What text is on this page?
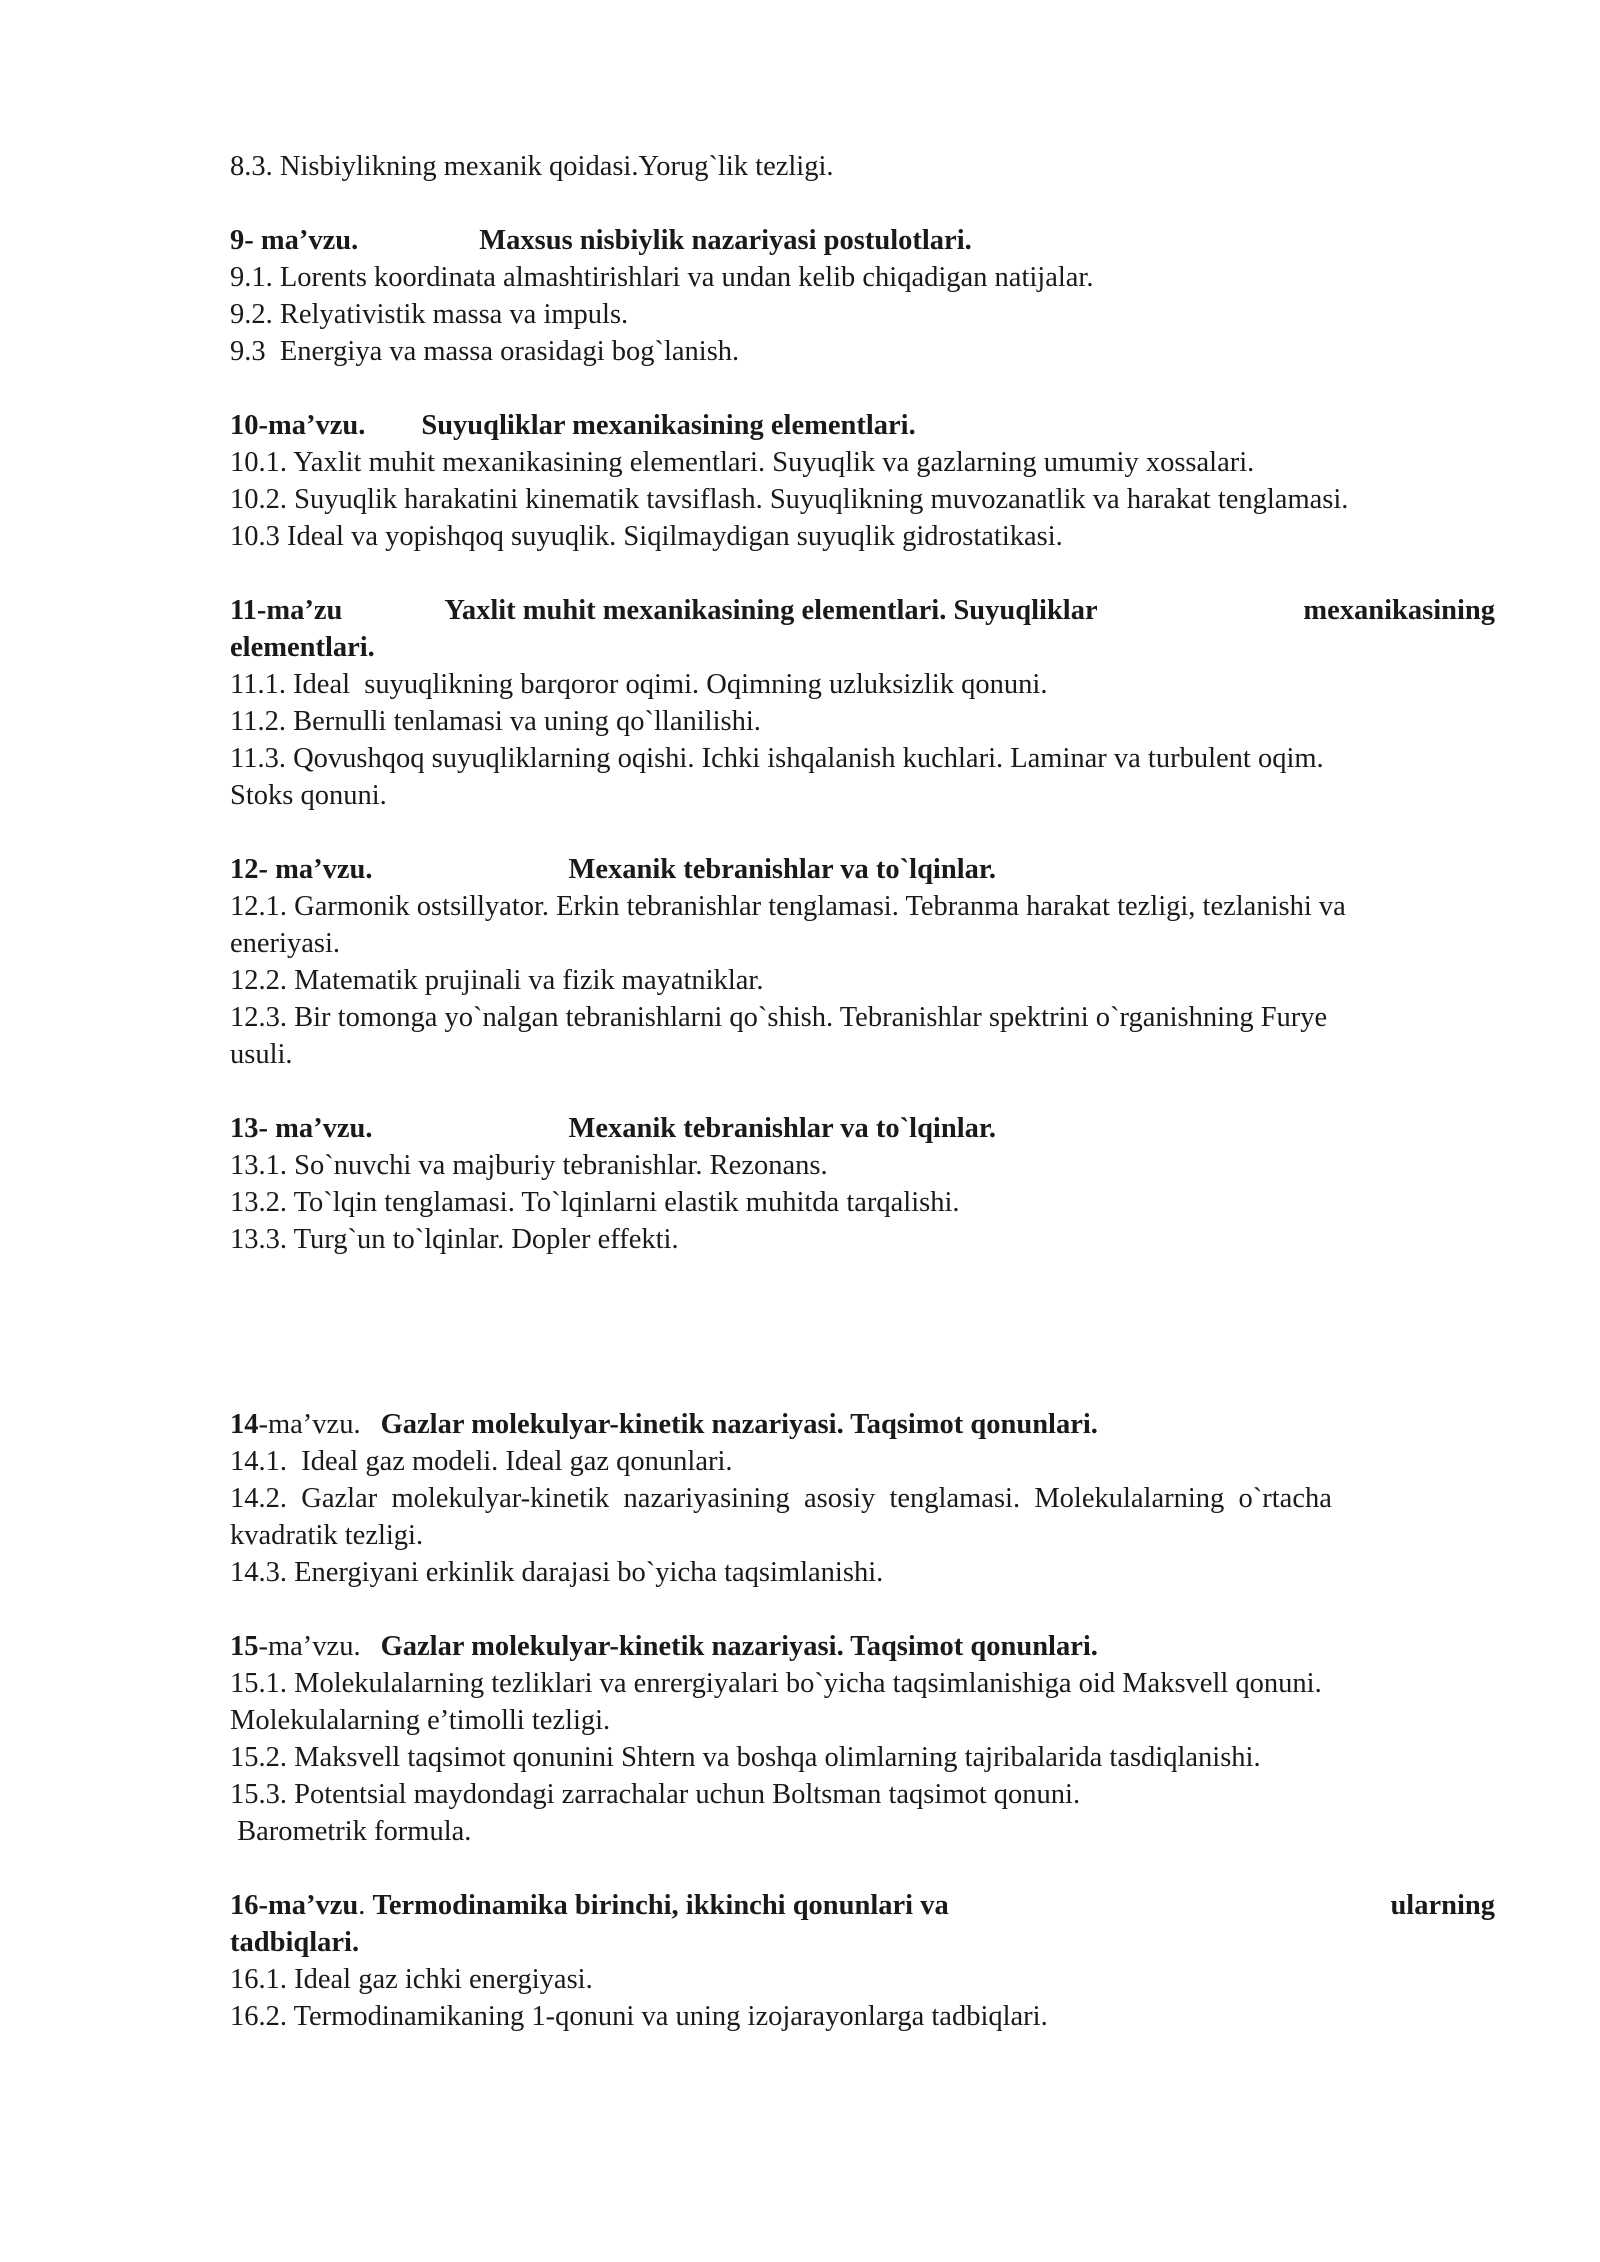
8.3. Nisbiylikning mexanik qoidasi.Yorug`lik tezligi.

9- ma’vzu.	Maxsus nisbiylik nazariyasi postulotlari.

9.1. Lorents koordinata almashtirishlari va undan kelib chiqadigan natijalar.

9.2. Relyativistik massa va impuls.

9.3  Energiya va massa orasidagi bog`lanish.

10-ma’vzu. Suyuqliklar mexanikasining elementlari.

10.1. Yaxlit muhit mexanikasining elementlari. Suyuqlik va gazlarning umumiy xossalari.

10.2. Suyuqlik harakatini kinematik tavsiflash. Suyuqlikning muvozanatlik va harakat tenglamasi.

10.3 Ideal va yopishqoq suyuqlik. Siqilmaydigan suyuqlik gidrostatikasi.

11-ma’zu	Yaxlit muhit mexanikasining elementlari. Suyuqliklar	mexanikasining

elementlari.

11.1. Ideal  suyuqlikning barqoror oqimi. Oqimning uzluksizlik qonuni.

11.2. Bernulli tenlamasi va uning qo`llanilishi.

11.3. Qovushqoq suyuqliklarning oqishi. Ichki ishqalanish kuchlari. Laminar va turbulent oqim.

Stoks qonuni.

12- ma’vzu.	Mexanik tebranishlar va to`lqinlar.

12.1. Garmonik ostsillyator. Erkin tebranishlar tenglamasi. Tebranma harakat tezligi, tezlanishi va

eneriyasi.

12.2. Matematik prujinali va fizik mayatniklar.

12.3. Bir tomonga yo`nalgan tebranishlarni qo`shish. Tebranishlar spektrini o`rganishning Furye

usuli.

13- ma’vzu.	Mexanik tebranishlar va to`lqinlar.

13.1. So`nuvchi va majburiy tebranishlar. Rezonans.

13.2. To`lqin tenglamasi. To`lqinlarni elastik muhitda tarqalishi.

13.3. Turg`un to`lqinlar. Dopler effekti.

14-ma’vzu. Gazlar molekulyar-kinetik nazariyasi. Taqsimot qonunlari.

14.1.  Ideal gaz modeli. Ideal gaz qonunlari.

14.2.  Gazlar  molekulyar-kinetik  nazariyasining  asosiy  tenglamasi.  Molekulalarning  o`rtacha

kvadratik tezligi.

14.3. Energiyani erkinlik darajasi bo`yicha taqsimlanishi.

15-ma’vzu. Gazlar molekulyar-kinetik nazariyasi. Taqsimot qonunlari.

15.1. Molekulalarning tezliklari va enrergiyalari bo`yicha taqsimlanishiga oid Maksvell qonuni.

Molekulalarning e’timolli tezligi.

15.2. Maksvell taqsimot qonunini Shtern va boshqa olimlarning tajribalarida tasdiqlanishi.

15.3. Potentsial maydondagi zarrachalar uchun Boltsman taqsimot qonuni.

Barometrik formula.

16-ma’vzu. Termodinamika birinchi, ikkinchi qonunlari va	ularning

tadbiqlari.

16.1. Ideal gaz ichki energiyasi.

16.2. Termodinamikaning 1-qonuni va uning izojarayonlarga tadbiqlari.
